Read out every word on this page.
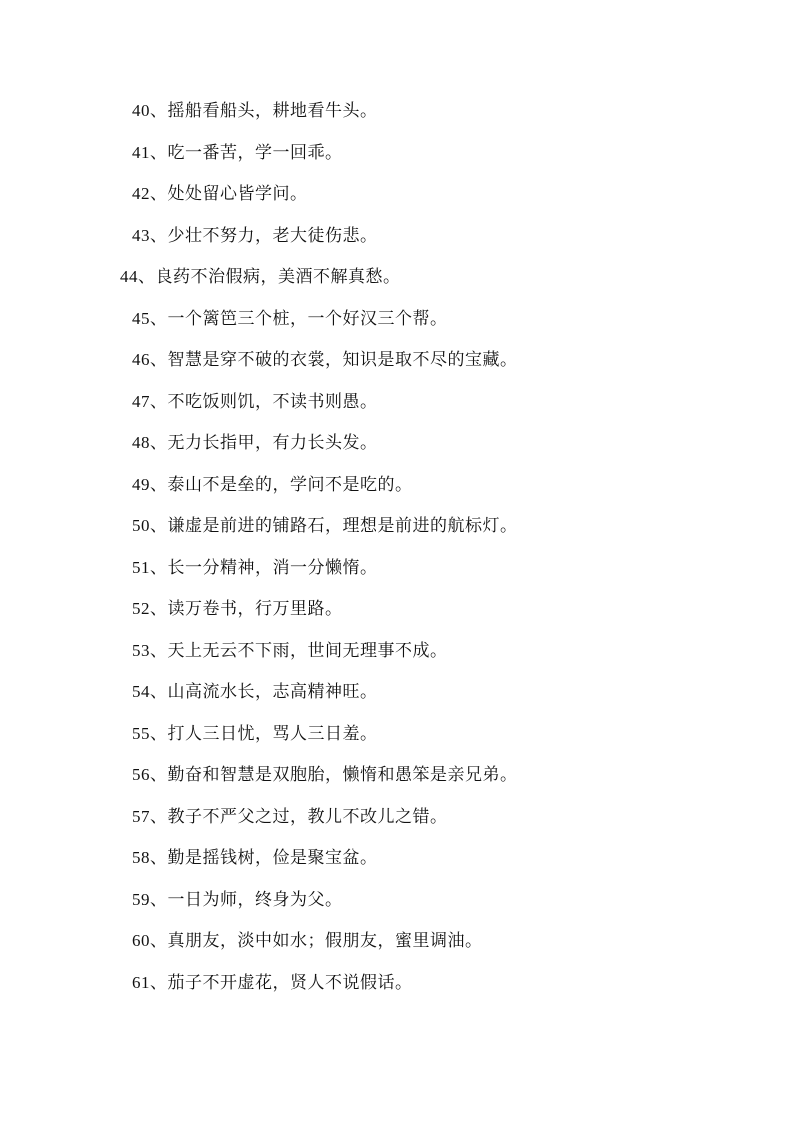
40、摇船看船头，耕地看牛头。
41、吃一番苦，学一回乖。
42、处处留心皆学问。
43、少壮不努力，老大徒伤悲。
44、良药不治假病，美酒不解真愁。
45、一个篱笆三个桩，一个好汉三个帮。
46、智慧是穿不破的衣裳，知识是取不尽的宝藏。
47、不吃饭则饥，不读书则愚。
48、无力长指甲，有力长头发。
49、泰山不是垒的，学问不是吃的。
50、谦虚是前进的铺路石，理想是前进的航标灯。
51、长一分精神，消一分懒惰。
52、读万卷书，行万里路。
53、天上无云不下雨，世间无理事不成。
54、山高流水长，志高精神旺。
55、打人三日忧，骂人三日羞。
56、勤奋和智慧是双胞胎，懒惰和愚笨是亲兄弟。
57、教子不严父之过，教儿不改儿之错。
58、勤是摇钱树，俭是聚宝盆。
59、一日为师，终身为父。
60、真朋友，淡中如水；假朋友，蜜里调油。
61、茄子不开虚花，贤人不说假话。
